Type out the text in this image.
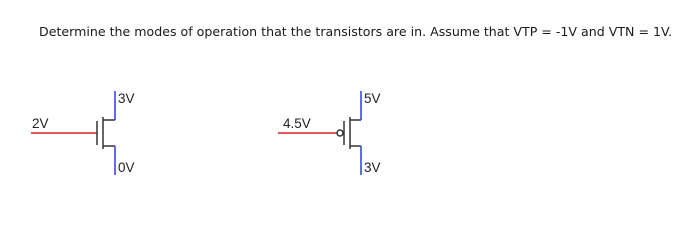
Determine the modes of operation that the transistors are in. Assume that VTP = -1V and VTN = 1V.

2V
3V
0V
4.5V
5V
3V
